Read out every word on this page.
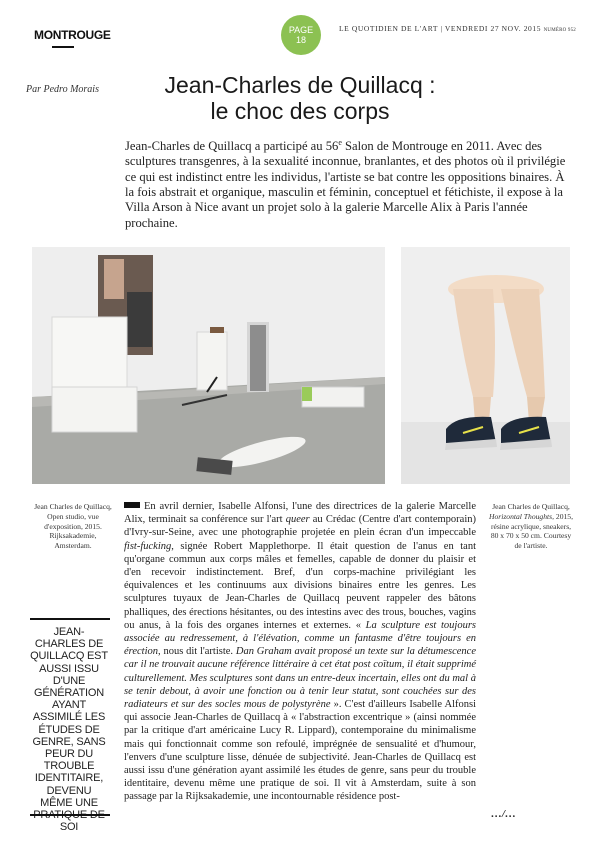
MONTROUGE	PAGE
18
LE QUOTIDIEN DE L'ART | VENDREDI 27 NOV. 2015 NUMÉRO 952
Par Pedro Morais	Jean-Charles de Quillacq :
le choc des corps
Jean-Charles de Quillacq a participé au 56e Salon de Montrouge en 2011. Avec des sculptures transgenres, à la sexualité inconnue, branlantes, et des photos où il privilégie ce qui est indistinct entre les individus, l'artiste se bat contre les oppositions binaires. À la fois abstrait et organique, masculin et féminin, conceptuel et fétichiste, il expose à la Villa Arson à Nice avant un projet solo à la galerie Marcelle Alix à Paris l'année prochaine.
Jean Charles de Quillacq, Open studio, vue d'exposition, 2015. Rijksakademie, Amsterdam.
Jean Charles de Quillacq, Horizontal Thoughts, 2015, résine acrylique, sneakers, 80 x 70 x 50 cm. Courtesy de l'artiste.
JEAN-CHARLES DE QUILLACQ EST AUSSI ISSU D'UNE GÉNÉRATION AYANT ASSIMILÉ LES ÉTUDES DE GENRE, SANS PEUR DU TROUBLE IDENTITAIRE, DEVENU MÊME UNE SOI

En avril dernier, Isabelle Alfonsi, l'une des directrices de la galerie Marcelle Alix, terminait sa conférence sur l'art queer au Crédac (Centre d'art contemporain) d'Ivry-sur-Seine, avec une photographie projetée en plein écran d'un impeccable fist-fucking, signée Robert Mapplethorpe. Il était question de l'anus en tant qu'organe commun aux corps mâles et femelles, capable de donner du plaisir et d'en recevoir indistinctement. Bref, d'un corps-machine privilégiant les équivalences et les continuums aux divisions binaires entre les genres. Les sculptures tuyaux de Jean-Charles de Quillacq peuvent rappeler des bâtons phalliques, des érections hésitantes, ou des intestins avec des trous, bouches, vagins ou anus, à la fois des organes internes et externes. « La sculpture est toujours associée au redressement, à l'élévation, comme un fantasme d'être toujours en érection, nous dit l'artiste. Dan Graham avait proposé un texte sur la détumescence car il ne trouvait aucune référence littéraire à cet état post coïtum, il était supprimé culturellement. Mes sculptures sont dans un entre-deux incertain, elles ont du mal à se tenir debout, à avoir une fonction ou à tenir leur statut, sont couchées sur des radiateurs et sur des socles mous de polystyrène ». C'est d'ailleurs Isabelle Alfonsi qui associe Jean-Charles de Quillacq à « l'abstraction excentrique » (ainsi nommée par la critique d'art américaine Lucy R. Lippard), contemporaine du minimalisme mais qui fonctionnait comme son refoulé, imprégnée de sensualité et d'humour, l'envers d'une sculpture lisse, dénuée de subjectivité. Jean-Charles de Quillacq est aussi issu d'une génération ayant assimilé les études de genre, sans peur du trouble identitaire, devenu même une pratique de soi. Il vit à Amsterdam, suite à son passage par la Rijksakademie, une incontournable résidence post-

…/…
